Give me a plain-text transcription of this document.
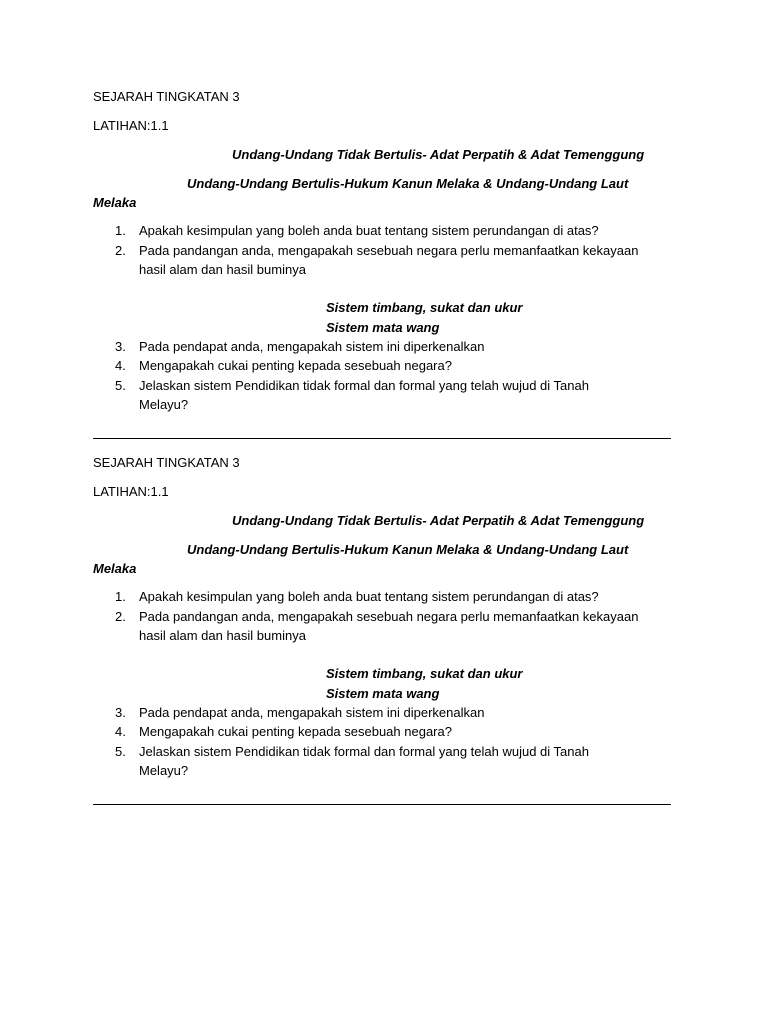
SEJARAH TINGKATAN 3
LATIHAN:1.1
Undang-Undang Tidak Bertulis- Adat Perpatih & Adat Temenggung
Undang-Undang Bertulis-Hukum Kanun Melaka & Undang-Undang Laut
Melaka
1.	Apakah kesimpulan yang boleh anda buat tentang sistem perundangan di atas?
2.	Pada pandangan anda, mengapakah sesebuah negara perlu memanfaatkan kekayaan
hasil alam dan hasil buminya
Sistem timbang, sukat dan ukur
Sistem mata wang
3.	Pada pendapat anda, mengapakah sistem ini diperkenalkan
4.	Mengapakah cukai penting kepada sesebuah negara?
5.	Jelaskan sistem Pendidikan tidak formal dan formal yang telah wujud di Tanah
Melayu?
SEJARAH TINGKATAN 3
LATIHAN:1.1
Undang-Undang Tidak Bertulis- Adat Perpatih & Adat Temenggung
Undang-Undang Bertulis-Hukum Kanun Melaka & Undang-Undang Laut
Melaka
1.	Apakah kesimpulan yang boleh anda buat tentang sistem perundangan di atas?
2.	Pada pandangan anda, mengapakah sesebuah negara perlu memanfaatkan kekayaan
hasil alam dan hasil buminya
Sistem timbang, sukat dan ukur
Sistem mata wang
3.	Pada pendapat anda, mengapakah sistem ini diperkenalkan
4.	Mengapakah cukai penting kepada sesebuah negara?
5.	Jelaskan sistem Pendidikan tidak formal dan formal yang telah wujud di Tanah
Melayu?
